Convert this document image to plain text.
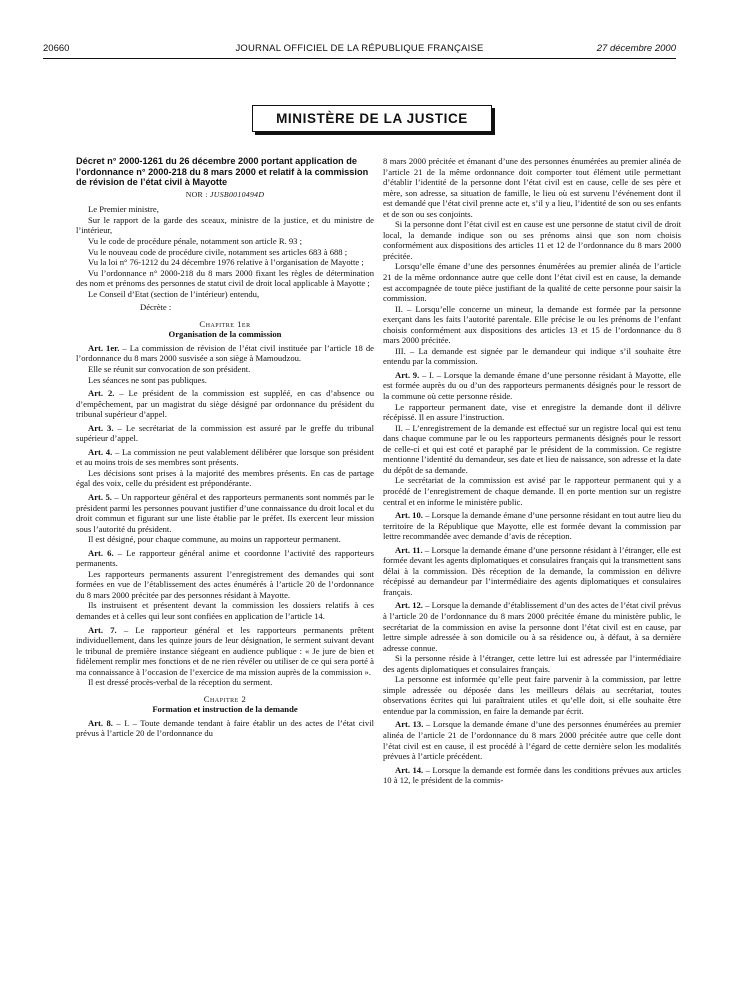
20660	JOURNAL OFFICIEL DE LA RÉPUBLIQUE FRANÇAISE	27 décembre 2000
MINISTÈRE DE LA JUSTICE
Décret n° 2000-1261 du 26 décembre 2000 portant application de l’ordonnance n° 2000-218 du 8 mars 2000 et relatif à la commission de révision de l’état civil à Mayotte
NOR : JUSB0010494D

Le Premier ministre,

Sur le rapport de la garde des sceaux, ministre de la justice, et du ministre de l’intérieur,

Vu le code de procédure pénale, notamment son article R. 93 ;

Vu le nouveau code de procédure civile, notamment ses articles 683 à 688 ;

Vu la loi n° 76-1212 du 24 décembre 1976 relative à l’organisation de Mayotte ;

Vu l’ordonnance n° 2000-218 du 8 mars 2000 fixant les règles de détermination des nom et prénoms des personnes de statut civil de droit local applicable à Mayotte ;

Le Conseil d’Etat (section de l’intérieur) entendu,

Décrète :

Chapitre 1er
Organisation de la commission

Art. 1er. – La commission de révision de l’état civil instituée par l’article 18 de l’ordonnance du 8 mars 2000 susvisée a son siège à Mamoudzou.

Elle se réunit sur convocation de son président.

Les séances ne sont pas publiques.

Art. 2. – Le président de la commission est suppléé, en cas d’absence ou d’empêchement, par un magistrat du siège désigné par ordonnance du président du tribunal supérieur d’appel.

Art. 3. – Le secrétariat de la commission est assuré par le greffe du tribunal supérieur d’appel.

Art. 4. – La commission ne peut valablement délibérer que lorsque son président et au moins trois de ses membres sont présents.

Les décisions sont prises à la majorité des membres présents. En cas de partage égal des voix, celle du président est prépondérante.

Art. 5. – Un rapporteur général et des rapporteurs permanents sont nommés par le président parmi les personnes pouvant justifier d’une connaissance du droit local et du droit commun et figurant sur une liste établie par le préfet. Ils exercent leur mission sous l’autorité du président.

Il est désigné, pour chaque commune, au moins un rapporteur permanent.

Art. 6. – Le rapporteur général anime et coordonne l’activité des rapporteurs permanents.

Les rapporteurs permanents assurent l’enregistrement des demandes qui sont formées en vue de l’établissement des actes énumérés à l’article 20 de l’ordonnance du 8 mars 2000 précitée par des personnes résidant à Mayotte.

Ils instruisent et présentent devant la commission les dossiers relatifs à ces demandes et à celles qui leur sont confiées en application de l’article 14.

Art. 7. – Le rapporteur général et les rapporteurs permanents prêtent individuellement, dans les quinze jours de leur désignation, le serment suivant devant le tribunal de première instance siégeant en audience publique : « Je jure de bien et fidèlement remplir mes fonctions et de ne rien révéler ou utiliser de ce qui sera porté à ma connaissance à l’occasion de l’exercice de ma mission auprès de la commission ».

Il est dressé procès-verbal de la réception du serment.

Chapitre 2
Formation et instruction de la demande

Art. 8. – I. – Toute demande tendant à faire établir un des actes de l’état civil prévus à l’article 20 de l’ordonnance du

8 mars 2000 précitée et émanant d’une des personnes énumérées au premier alinéa de l’article 21 de la même ordonnance doit comporter tout élément utile permettant d’établir l’identité de la personne dont l’état civil est en cause, celle de ses père et mère, son adresse, sa situation de famille, le lieu où est survenu l’événement dont il est demandé que l’état civil prenne acte et, s’il y a lieu, l’identité de son ou ses enfants et de son ou ses conjoints.

Si la personne dont l’état civil est en cause est une personne de statut civil de droit local, la demande indique son ou ses prénoms ainsi que son nom choisis conformément aux dispositions des articles 11 et 12 de l’ordonnance du 8 mars 2000 précitée.

Lorsqu’elle émane d’une des personnes énumérées au premier alinéa de l’article 21 de la même ordonnance autre que celle dont l’état civil est en cause, la demande est accompagnée de toute pièce justifiant de la qualité de cette personne pour saisir la commission.

II. – Lorsqu’elle concerne un mineur, la demande est formée par la personne exerçant dans les faits l’autorité parentale. Elle précise le ou les prénoms de l’enfant choisis conformément aux dispositions des articles 13 et 15 de l’ordonnance du 8 mars 2000 précitée.

III. – La demande est signée par le demandeur qui indique s’il souhaite être entendu par la commission.

Art. 9. – I. – Lorsque la demande émane d’une personne résidant à Mayotte, elle est formée auprès du ou d’un des rapporteurs permanents désignés pour le ressort de la commune où cette personne réside.

Le rapporteur permanent date, vise et enregistre la demande dont il délivre récépissé. Il en assure l’instruction.

II. – L’enregistrement de la demande est effectué sur un registre local qui est tenu dans chaque commune par le ou les rapporteurs permanents désignés pour le ressort de celle-ci et qui est coté et paraphé par le président de la commission. Ce registre mentionne l’identité du demandeur, ses date et lieu de naissance, son adresse et la date du dépôt de sa demande.

Le secrétariat de la commission est avisé par le rapporteur permanent qui y a procédé de l’enregistrement de chaque demande. Il en porte mention sur un registre central et en informe le ministère public.

Art. 10. – Lorsque la demande émane d’une personne résidant en tout autre lieu du territoire de la République que Mayotte, elle est formée devant la commission par lettre recommandée avec demande d’avis de réception.

Art. 11. – Lorsque la demande émane d’une personne résidant à l’étranger, elle est formée devant les agents diplomatiques et consulaires français qui la transmettent sans délai à la commission. Dès réception de la demande, la commission en délivre récépissé au demandeur par l’intermédiaire des agents diplomatiques et consulaires français.

Art. 12. – Lorsque la demande d’établissement d’un des actes de l’état civil prévus à l’article 20 de l’ordonnance du 8 mars 2000 précitée émane du ministère public, le secrétariat de la commission en avise la personne dont l’état civil est en cause, par lettre simple adressée à son domicile ou à sa résidence ou, à défaut, à sa dernière adresse connue.

Si la personne réside à l’étranger, cette lettre lui est adressée par l’intermédiaire des agents diplomatiques et consulaires français.

La personne est informée qu’elle peut faire parvenir à la commission, par lettre simple adressée ou déposée dans les meilleurs délais au secrétariat, toutes observations écrites qui lui paraîtraient utiles et qu’elle doit, si elle souhaite être entendue par la commission, en faire la demande par écrit.

Art. 13. – Lorsque la demande émane d’une des personnes énumérées au premier alinéa de l’article 21 de l’ordonnance du 8 mars 2000 précitée autre que celle dont l’état civil est en cause, il est procédé à l’égard de cette dernière selon les modalités prévues à l’article précédent.

Art. 14. – Lorsque la demande est formée dans les conditions prévues aux articles 10 à 12, le président de la commis-
